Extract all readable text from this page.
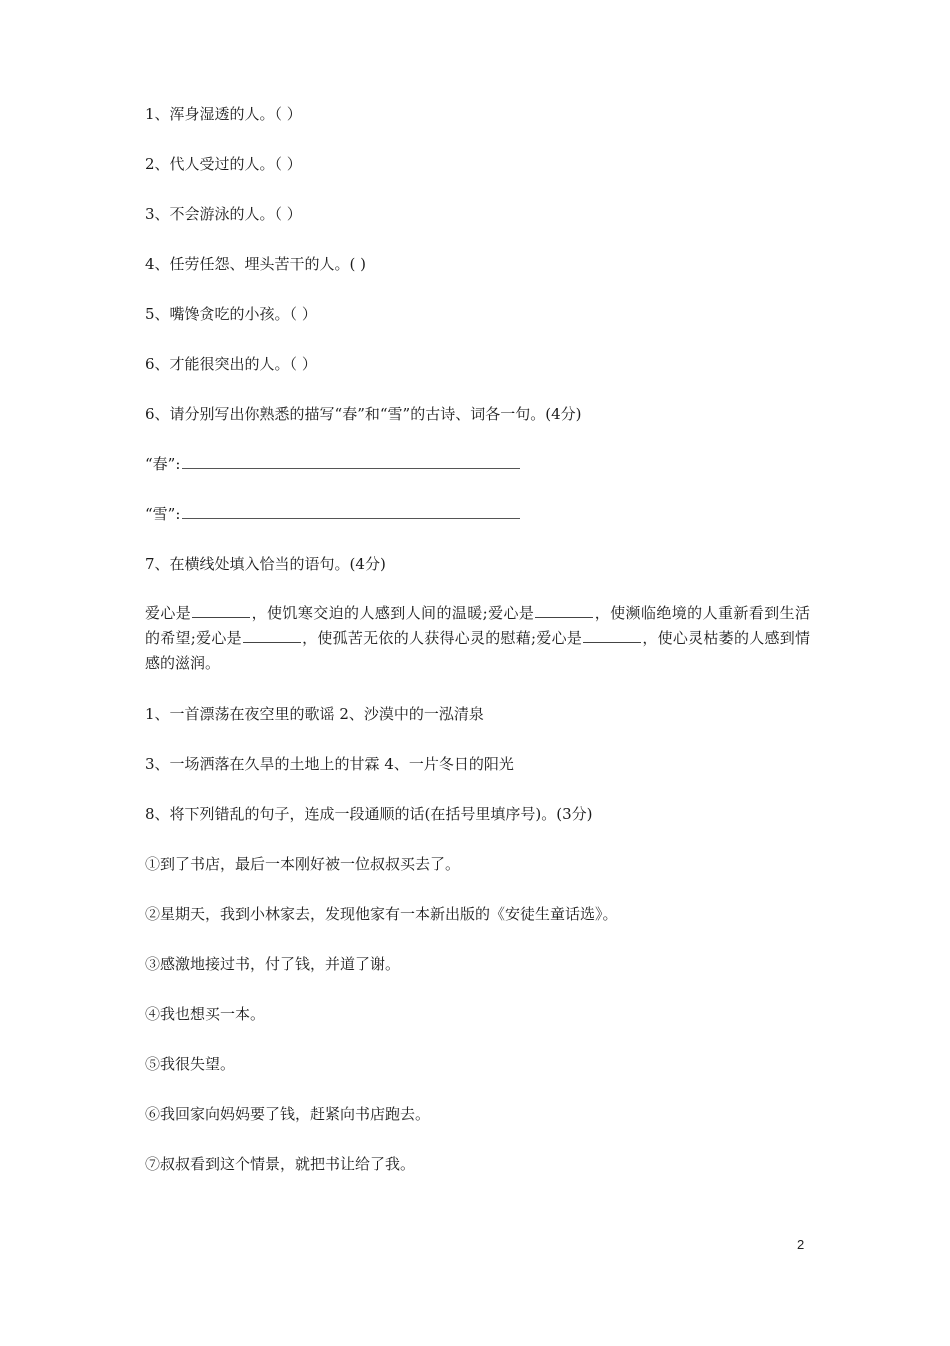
1、浑身湿透的人。（ ）
2、代人受过的人。（ ）
3、不会游泳的人。（ ）
4、任劳任怨、埋头苦干的人。( )
5、嘴馋贪吃的小孩。（ ）
6、才能很突出的人。（ ）
6、请分别写出你熟悉的描写“春”和“雪”的古诗、词各一句。(4分)
“春”:
“雪”:
7、在横线处填入恰当的语句。(4分)
爱心是	，使饥寒交迫的人感到人间的温暖;爱心是	，使濒临绝境的人重新看到生活的希望;爱心是	，使孤苦无依的人获得心灵的慰藉;爱心是	，使心灵枯萎的人感到情感的滋润。
1、一首漂荡在夜空里的歌谣 2、沙漠中的一泓清泉
3、一场洒落在久旱的土地上的甘霖 4、一片冬日的阳光
8、将下列错乱的句子，连成一段通顺的话(在括号里填序号)。(3分)
①到了书店，最后一本刚好被一位叔叔买去了。
②星期天，我到小林家去，发现他家有一本新出版的《安徒生童话选》。
③感激地接过书，付了钱，并道了谢。
④我也想买一本。
⑤我很失望。
⑥我回家向妈妈要了钱，赶紧向书店跑去。
⑦叔叔看到这个情景，就把书让给了我。
2
